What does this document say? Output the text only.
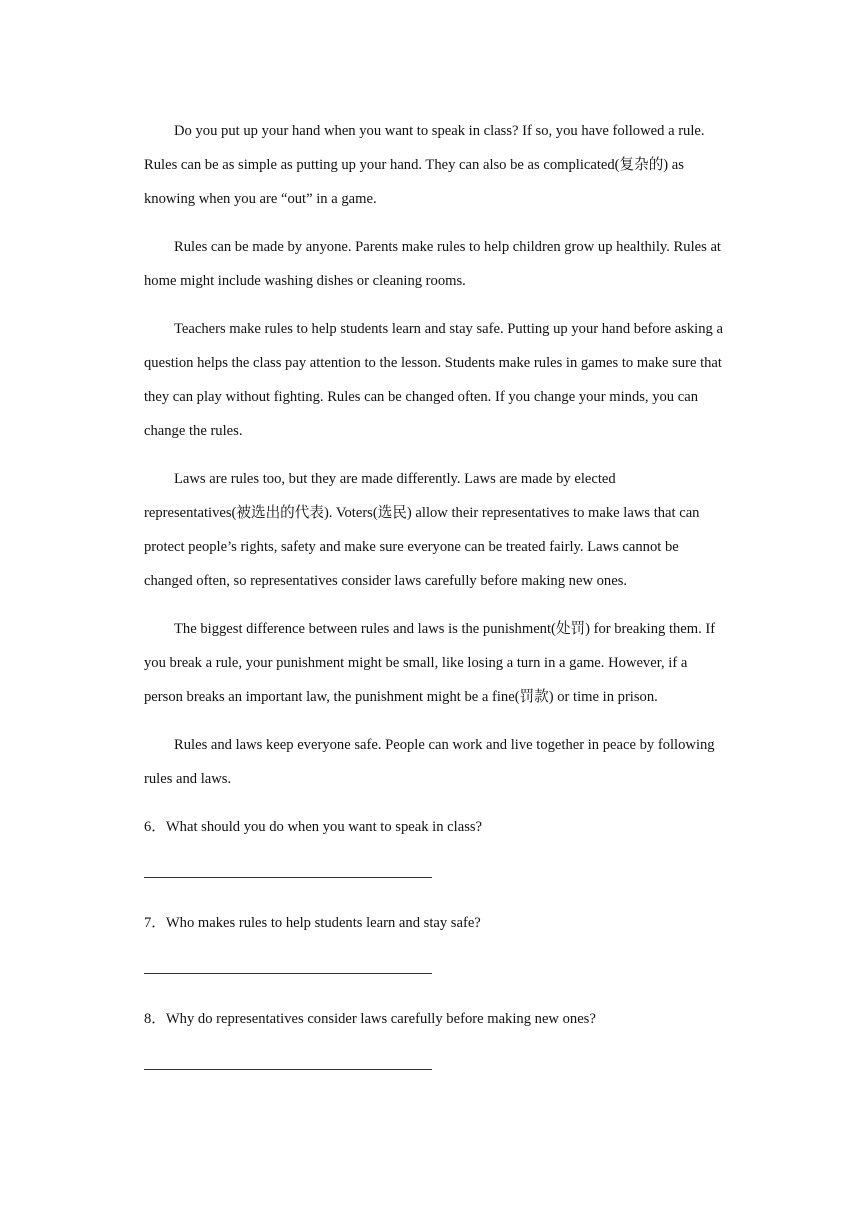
Do you put up your hand when you want to speak in class? If so, you have followed a rule. Rules can be as simple as putting up your hand. They can also be as complicated(复杂的) as knowing when you are “out” in a game.

Rules can be made by anyone. Parents make rules to help children grow up healthily. Rules at home might include washing dishes or cleaning rooms.

Teachers make rules to help students learn and stay safe. Putting up your hand before asking a question helps the class pay attention to the lesson. Students make rules in games to make sure that they can play without fighting. Rules can be changed often. If you change your minds, you can change the rules.

Laws are rules too, but they are made differently. Laws are made by elected representatives(被选出的代表). Voters(选民) allow their representatives to make laws that can protect people’s rights, safety and make sure everyone can be treated fairly. Laws cannot be changed often, so representatives consider laws carefully before making new ones.

The biggest difference between rules and laws is the punishment(处罚) for breaking them. If you break a rule, your punishment might be small, like losing a turn in a game. However, if a person breaks an important law, the punishment might be a fine(罚款) or time in prison.

Rules and laws keep everyone safe. People can work and live together in peace by following rules and laws.

6．What should you do when you want to speak in class?

7．Who makes rules to help students learn and stay safe?

8．Why do representatives consider laws carefully before making new ones?
